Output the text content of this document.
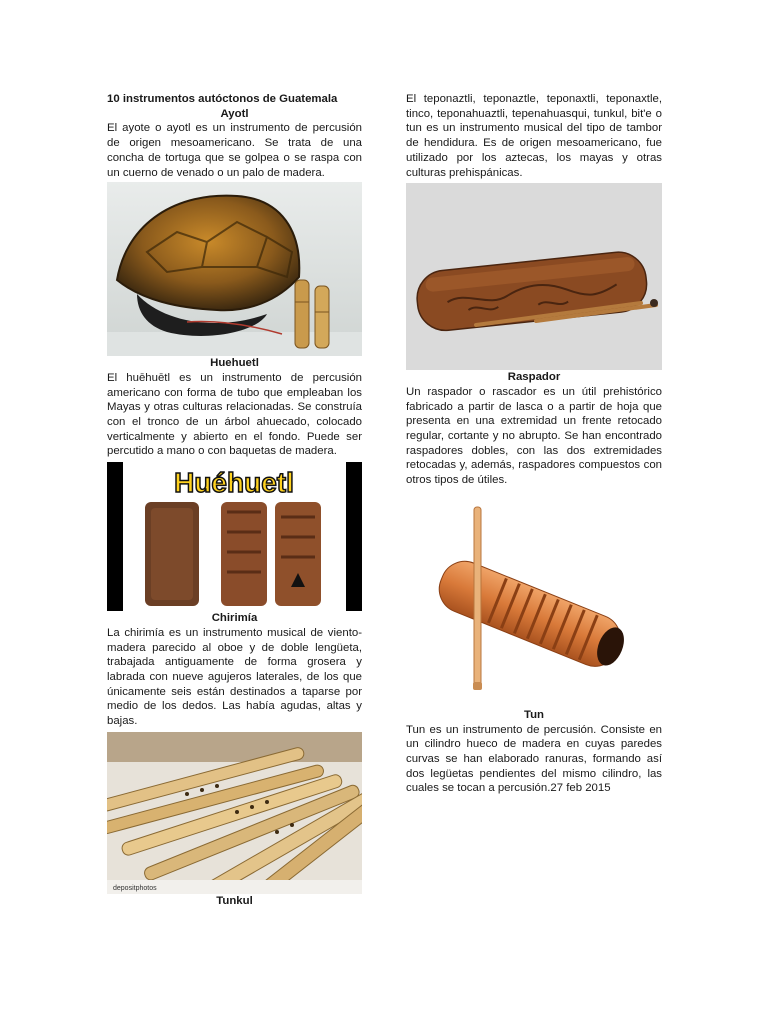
10 instrumentos autóctonos de Guatemala

Ayotl

El ayote o ayotl es un instrumento de percusión de origen mesoamericano. Se trata de una concha de tortuga que se golpea o se raspa con un cuerno de venado o un palo de madera.

Huehuetl

El huēhuētl es un instrumento de percusión americano con forma de tubo que empleaban los Mayas y otras culturas relacionadas. Se construía con el tronco de un árbol ahuecado, colocado verticalmente y abierto en el fondo. Puede ser percutido a mano o con baquetas de madera.

Huéhuetl

Chirimía

La chirimía es un instrumento musical de viento-madera parecido al oboe y de doble lengüeta, trabajada antiguamente de forma grosera y labrada con nueve agujeros laterales, de los que únicamente seis están destinados a taparse por medio de los dedos. Las había agudas, altas y bajas.

depositphotos

Tunkul

El teponaztli, teponaztle, teponaxtli, teponaxtle, tinco, teponahuaztli, tepenahuasqui, tunkul, bit'e o tun es un instrumento musical del tipo de tambor de hendidura. Es de origen mesoamericano, fue utilizado por los aztecas, los mayas y otras culturas prehispánicas.

Raspador

Un raspador o rascador es un útil prehistórico fabricado a partir de lasca o a partir de hoja que presenta en una extremidad un frente retocado regular, cortante y no abrupto. Se han encontrado raspadores dobles, con las dos extremidades retocadas y, además, raspadores compuestos con otros tipos de útiles.

Tun

Tun es un instrumento de percusión. Consiste en un cilindro hueco de madera en cuyas paredes curvas se han elaborado ranuras, formando así dos legüetas pendientes del mismo cilindro, las cuales se tocan a percusión.27 feb 2015
